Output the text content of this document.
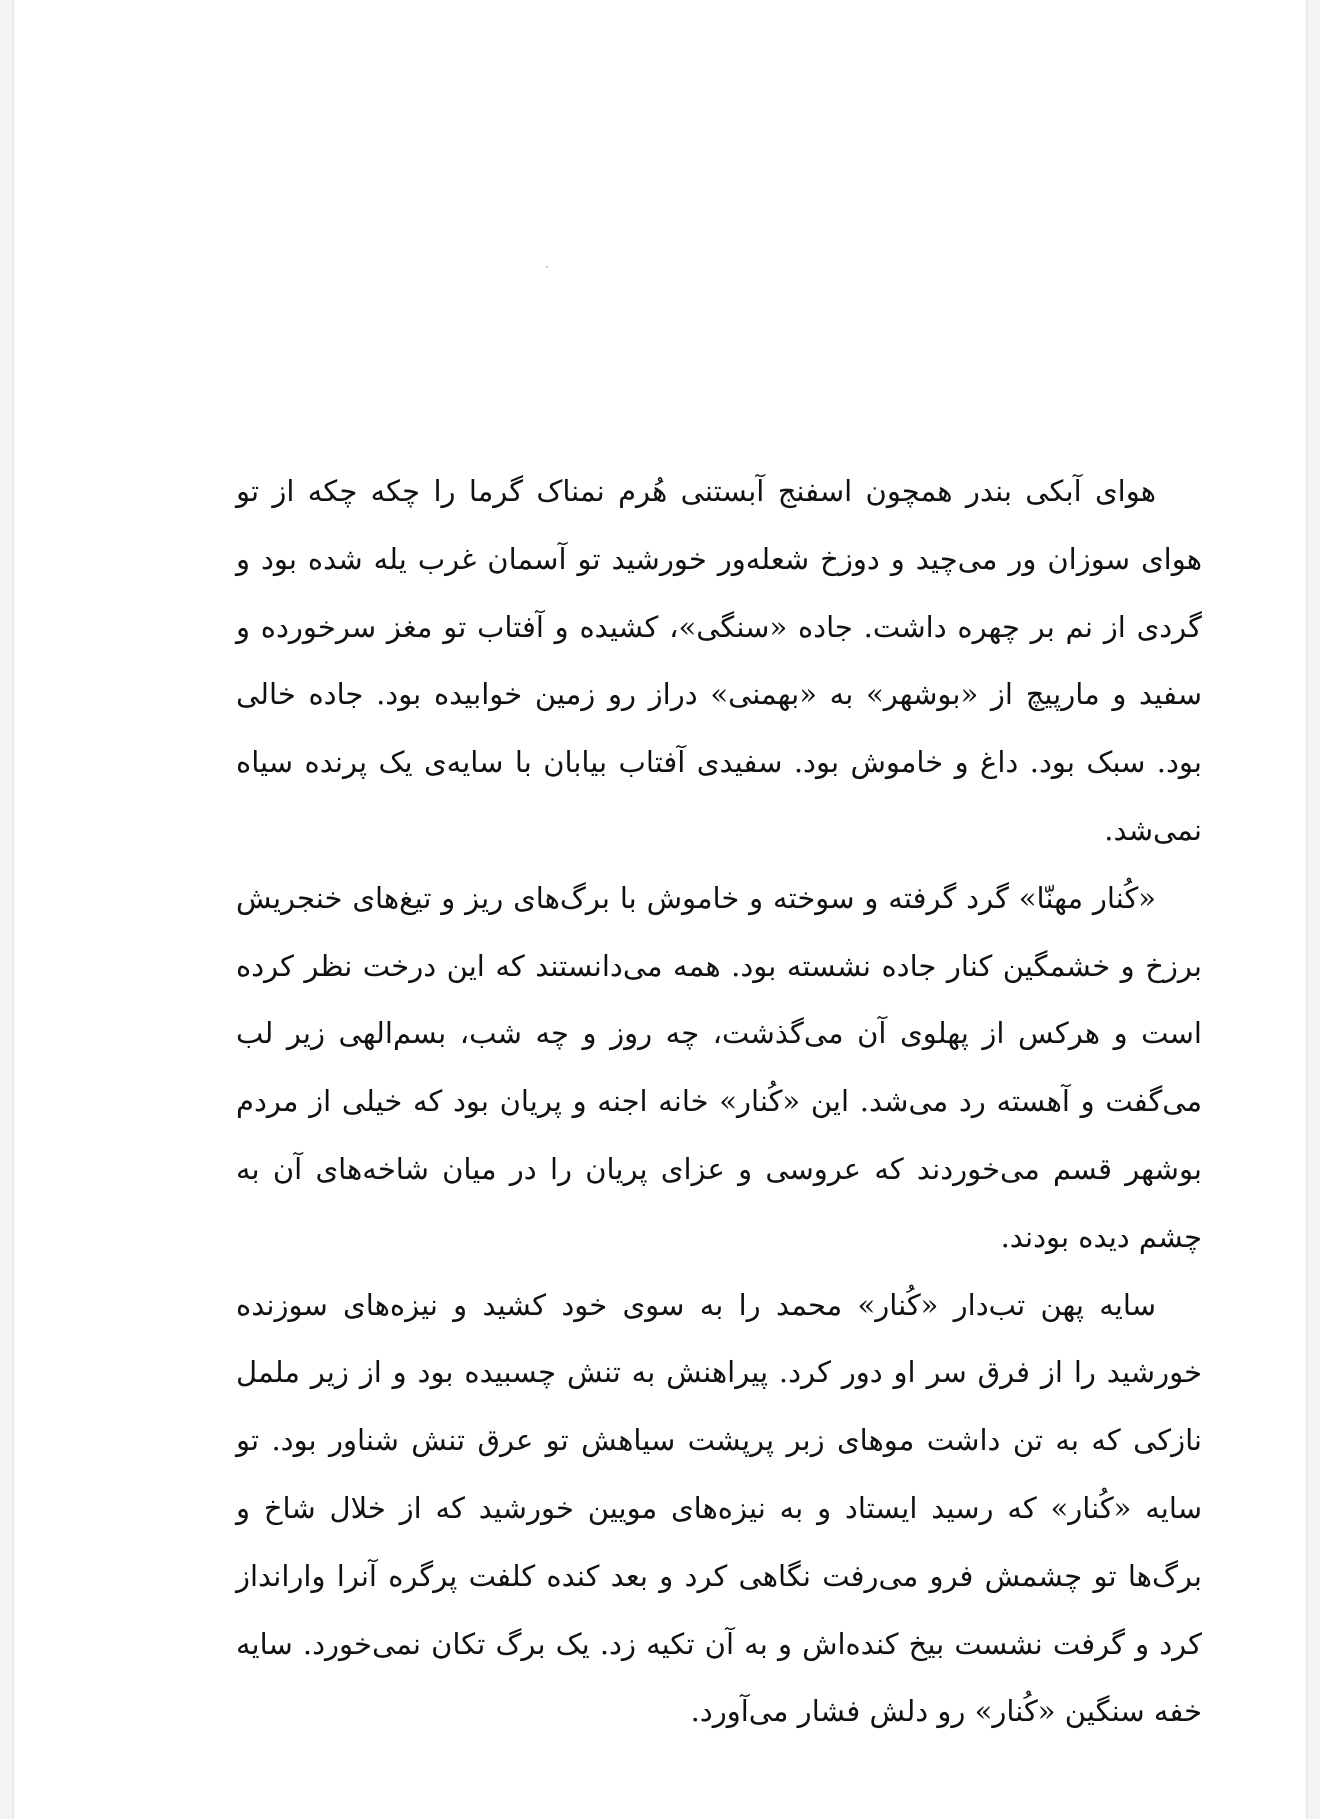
هوای آبکی بندر همچون اسفنج آبستنی هُرم نمناک گرما را چکه چکه از تو هوای سوزان ور می‌چید و دوزخ شعله‌ور خورشید تو آسمان غرب یله شده بود و گردی از نم بر چهره داشت. جاده «سنگی»، کشیده و آفتاب تو مغز سرخورده و سفید و مارپیچ از «بوشهر» به «بهمنی» دراز رو زمین خوابیده بود. جاده خالی بود. سبک بود. داغ و خاموش بود. سفیدی آفتاب بیابان با سایه‌ی یک پرنده سیاه نمی‌شد.

«کُنار مهنّا» گرد گرفته و سوخته و خاموش با برگ‌های ریز و تیغ‌های خنجریش برزخ و خشمگین کنار جاده نشسته بود. همه می‌دانستند که این درخت نظر کرده است و هرکس از پهلوی آن می‌گذشت، چه روز و چه شب، بسم‌الهی زیر لب می‌گفت و آهسته رد می‌شد. این «کُنار» خانه اجنه و پریان بود که خیلی از مردم بوشهر قسم می‌خوردند که عروسی و عزای پریان را در میان شاخه‌های آن به چشم دیده بودند.

سایه پهن تب‌دار «کُنار» محمد را به سوی خود کشید و نیزه‌های سوزنده خورشید را از فرق سر او دور کرد. پیراهنش به تنش چسبیده بود و از زیر ململ نازکی که به تن داشت موهای زبر پرپشت سیاهش تو عرق تنش شناور بود. تو سایه «کُنار» که رسید ایستاد و به نیزه‌های مویین خورشید که از خلال شاخ و برگ‌ها تو چشمش فرو می‌رفت نگاهی کرد و بعد کنده کلفت پرگره آنرا وارانداز کرد و گرفت نشست بیخ کنده‌اش و به آن تکیه زد. یک برگ تکان نمی‌خورد. سایه خفه سنگین «کُنار» رو دلش فشار می‌آورد.
